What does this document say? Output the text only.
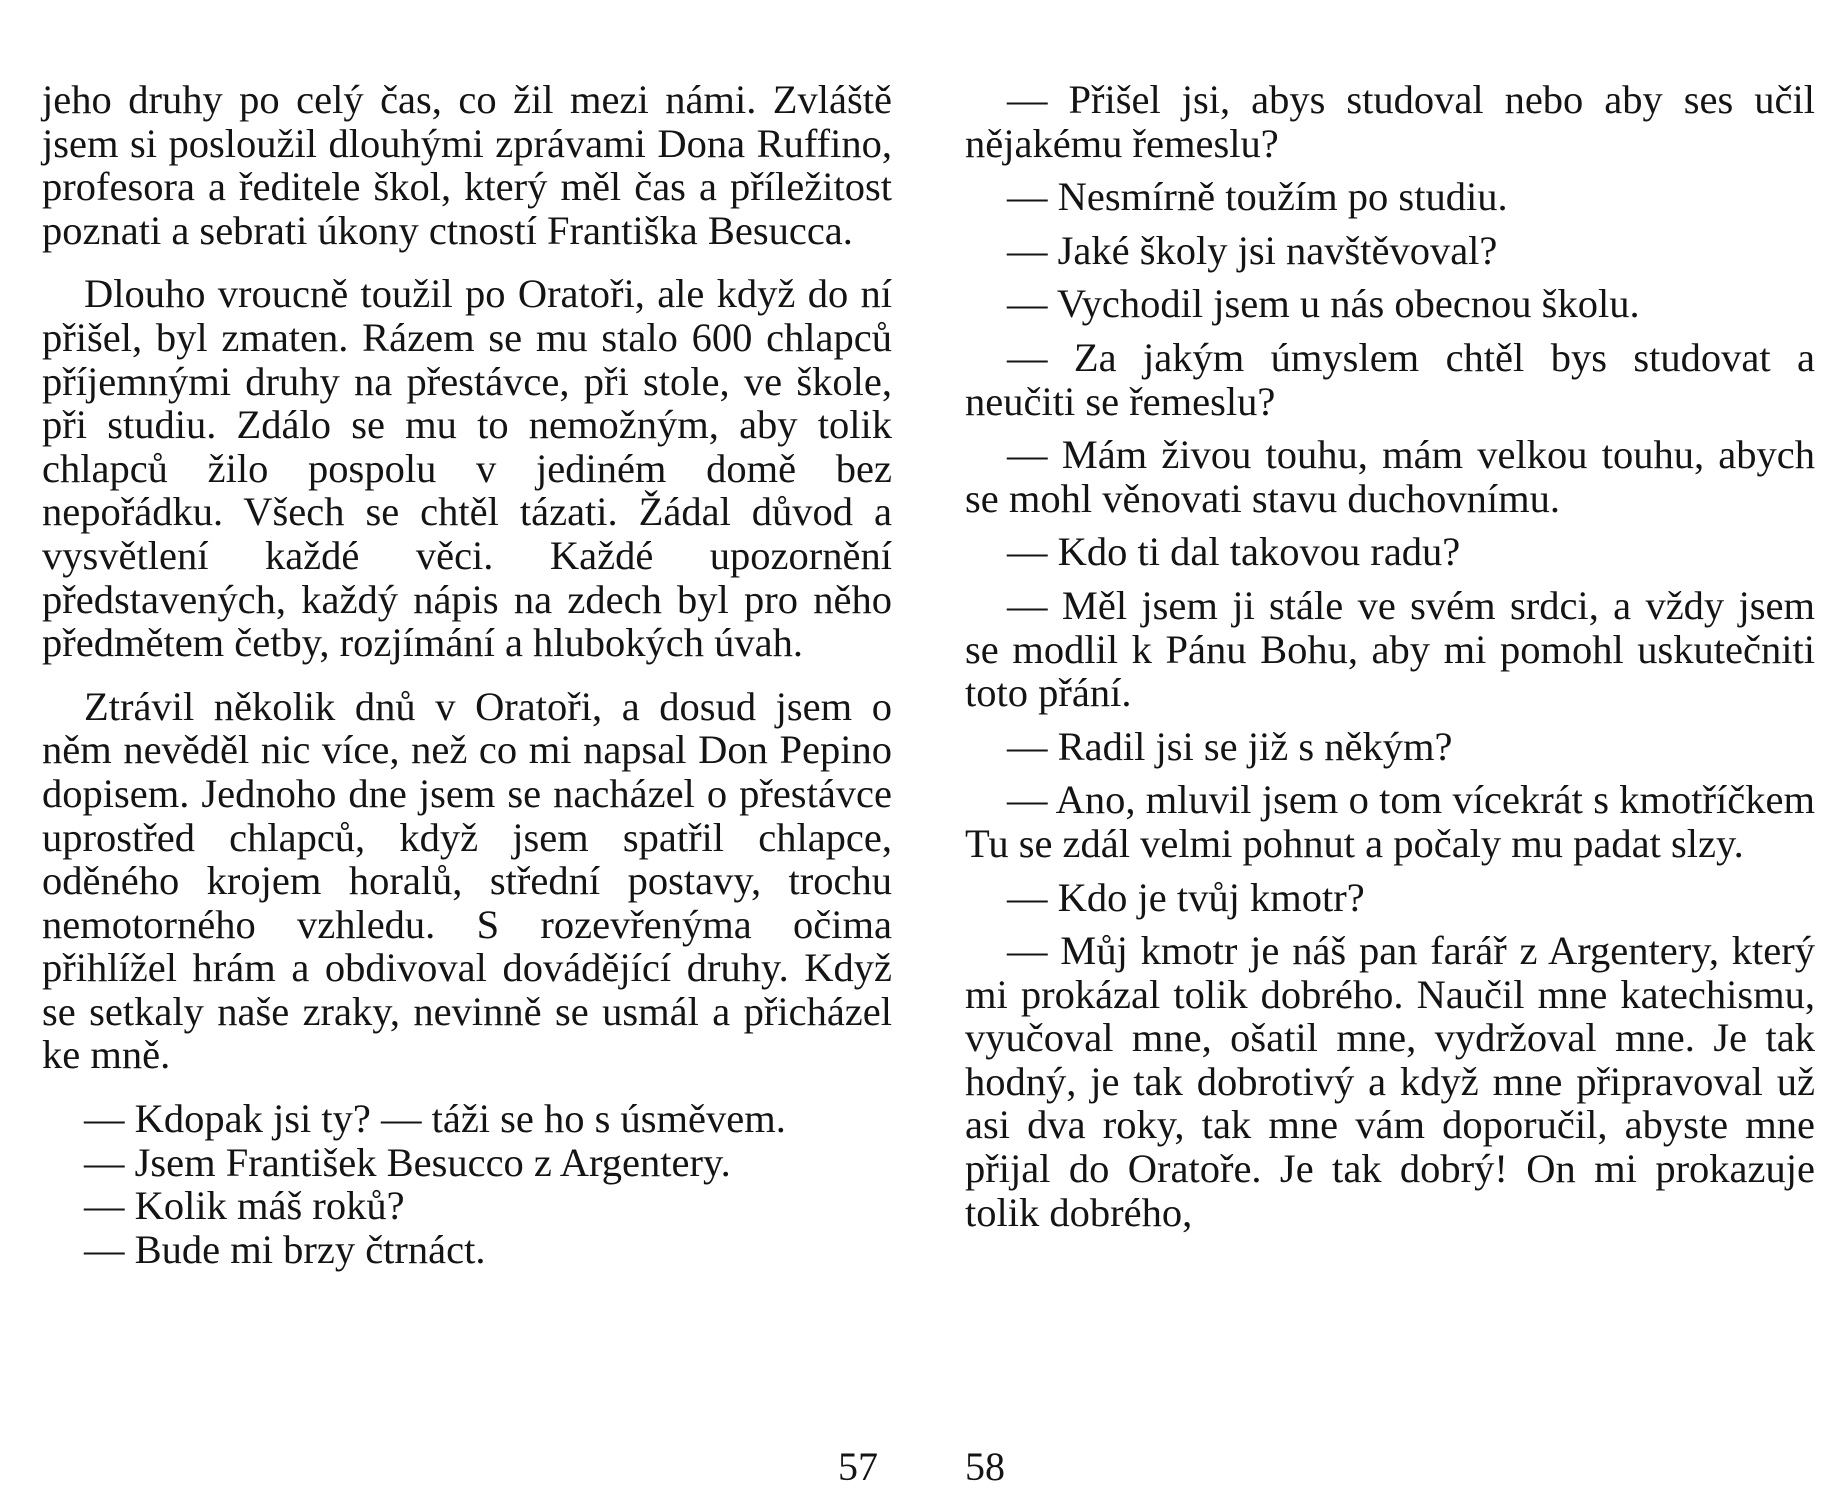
jeho druhy po celý čas, co žil mezi námi. Zvláště jsem si posloužil dlouhými zprávami Dona Ruffino, profesora a ředitele škol, který měl čas a příležitost poznati a sebrati úkony ctností Františka Besucca.

Dlouho vroucně toužil po Oratoři, ale když do ní přišel, byl zmaten. Rázem se mu stalo 600 chlapců příjemnými druhy na přestávce, při stole, ve škole, při studiu. Zdálo se mu to nemožným, aby tolik chlapců žilo pospolu v jediném domě bez nepořádku. Všech se chtěl tázati. Žádal důvod a vysvětlení každé věci. Každé upozornění představených, každý nápis na zdech byl pro něho předmětem četby, rozjímání a hlubokých úvah.

Ztrávil několik dnů v Oratoři, a dosud jsem o něm nevěděl nic více, než co mi napsal Don Pepino dopisem. Jednoho dne jsem se nacházel o přestávce uprostřed chlapců, když jsem spatřil chlapce, oděného krojem horalů, střední postavy, trochu nemotorného vzhledu. S rozevřenýma očima přihlížel hrám a obdivoval dovádějící druhy. Když se setkaly naše zraky, nevinně se usmál a přicházel ke mně.

— Kdopak jsi ty? — táži se ho s úsměvem.
— Jsem František Besucco z Argentery.
— Kolik máš roků?
— Bude mi brzy čtrnáct.

— Přišel jsi, abys studoval nebo aby ses učil nějakému řemeslu?

— Nesmírně toužím po studiu.

— Jaké školy jsi navštěvoval?

— Vychodil jsem u nás obecnou školu.

— Za jakým úmyslem chtěl bys studovat a neučiti se řemeslu?

— Mám živou touhu, mám velkou touhu, abych se mohl věnovati stavu duchovnímu.

— Kdo ti dal takovou radu?

— Měl jsem ji stále ve svém srdci, a vždy jsem se modlil k Pánu Bohu, aby mi pomohl uskutečniti toto přání.

— Radil jsi se již s někým?

— Ano, mluvil jsem o tom vícekrát s kmotříčkem Tu se zdál velmi pohnut a počaly mu padat slzy.

— Kdo je tvůj kmotr?

— Můj kmotr je náš pan farář z Argentery, který mi prokázal tolik dobrého. Naučil mne katechismu, vyučoval mne, ošatil mne, vydržoval mne. Je tak hodný, je tak dobrotivý a když mne připravoval už asi dva roky, tak mne vám doporučil, abyste mne přijal do Oratoře. Je tak dobrý! On mi prokazuje tolik dobrého,

57 58
